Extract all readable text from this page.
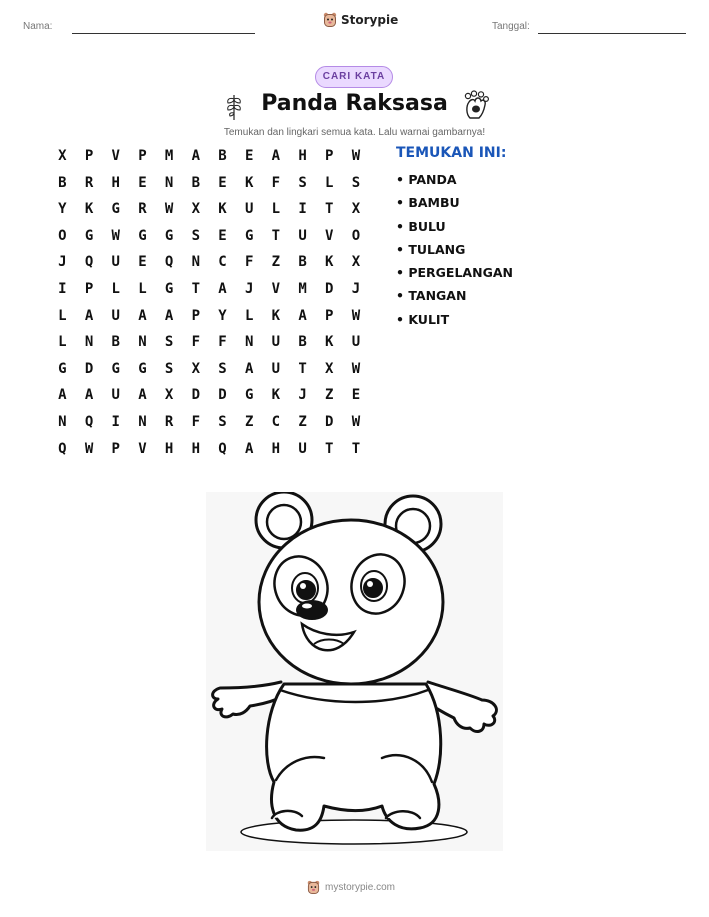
Nama:	Storypie	Tanggal:
CARI KATA
Panda Raksasa
Temukan dan lingkari semua kata. Lalu warnai gambarnya!
X	P	V	P	M	A	B	E	A	H	P	W
B	R	H	E	N	B	E	K	F	S	L	S
Y	K	G	R	W	X	K	U	L	I	T	X
O	G	W	G	G	S	E	G	T	U	V	O
J	Q	U	E	Q	N	C	F	Z	B	K	X
I	P	L	L	G	T	A	J	V	M	D	J
L	A	U	A	A	P	Y	L	K	A	P	W
L	N	B	N	S	F	F	N	U	B	K	U
G	D	G	G	S	X	S	A	U	T	X	W
A	A	U	A	X	D	D	G	K	J	Z	E
N	Q	I	N	R	F	S	Z	C	Z	D	W
Q	W	P	V	H	H	Q	A	H	U	T	T
TEMUKAN INI:
• PANDA
• BAMBU
• BULU
• TULANG
• PERGELANGAN
• TANGAN
• KULIT
mystorypie.com
